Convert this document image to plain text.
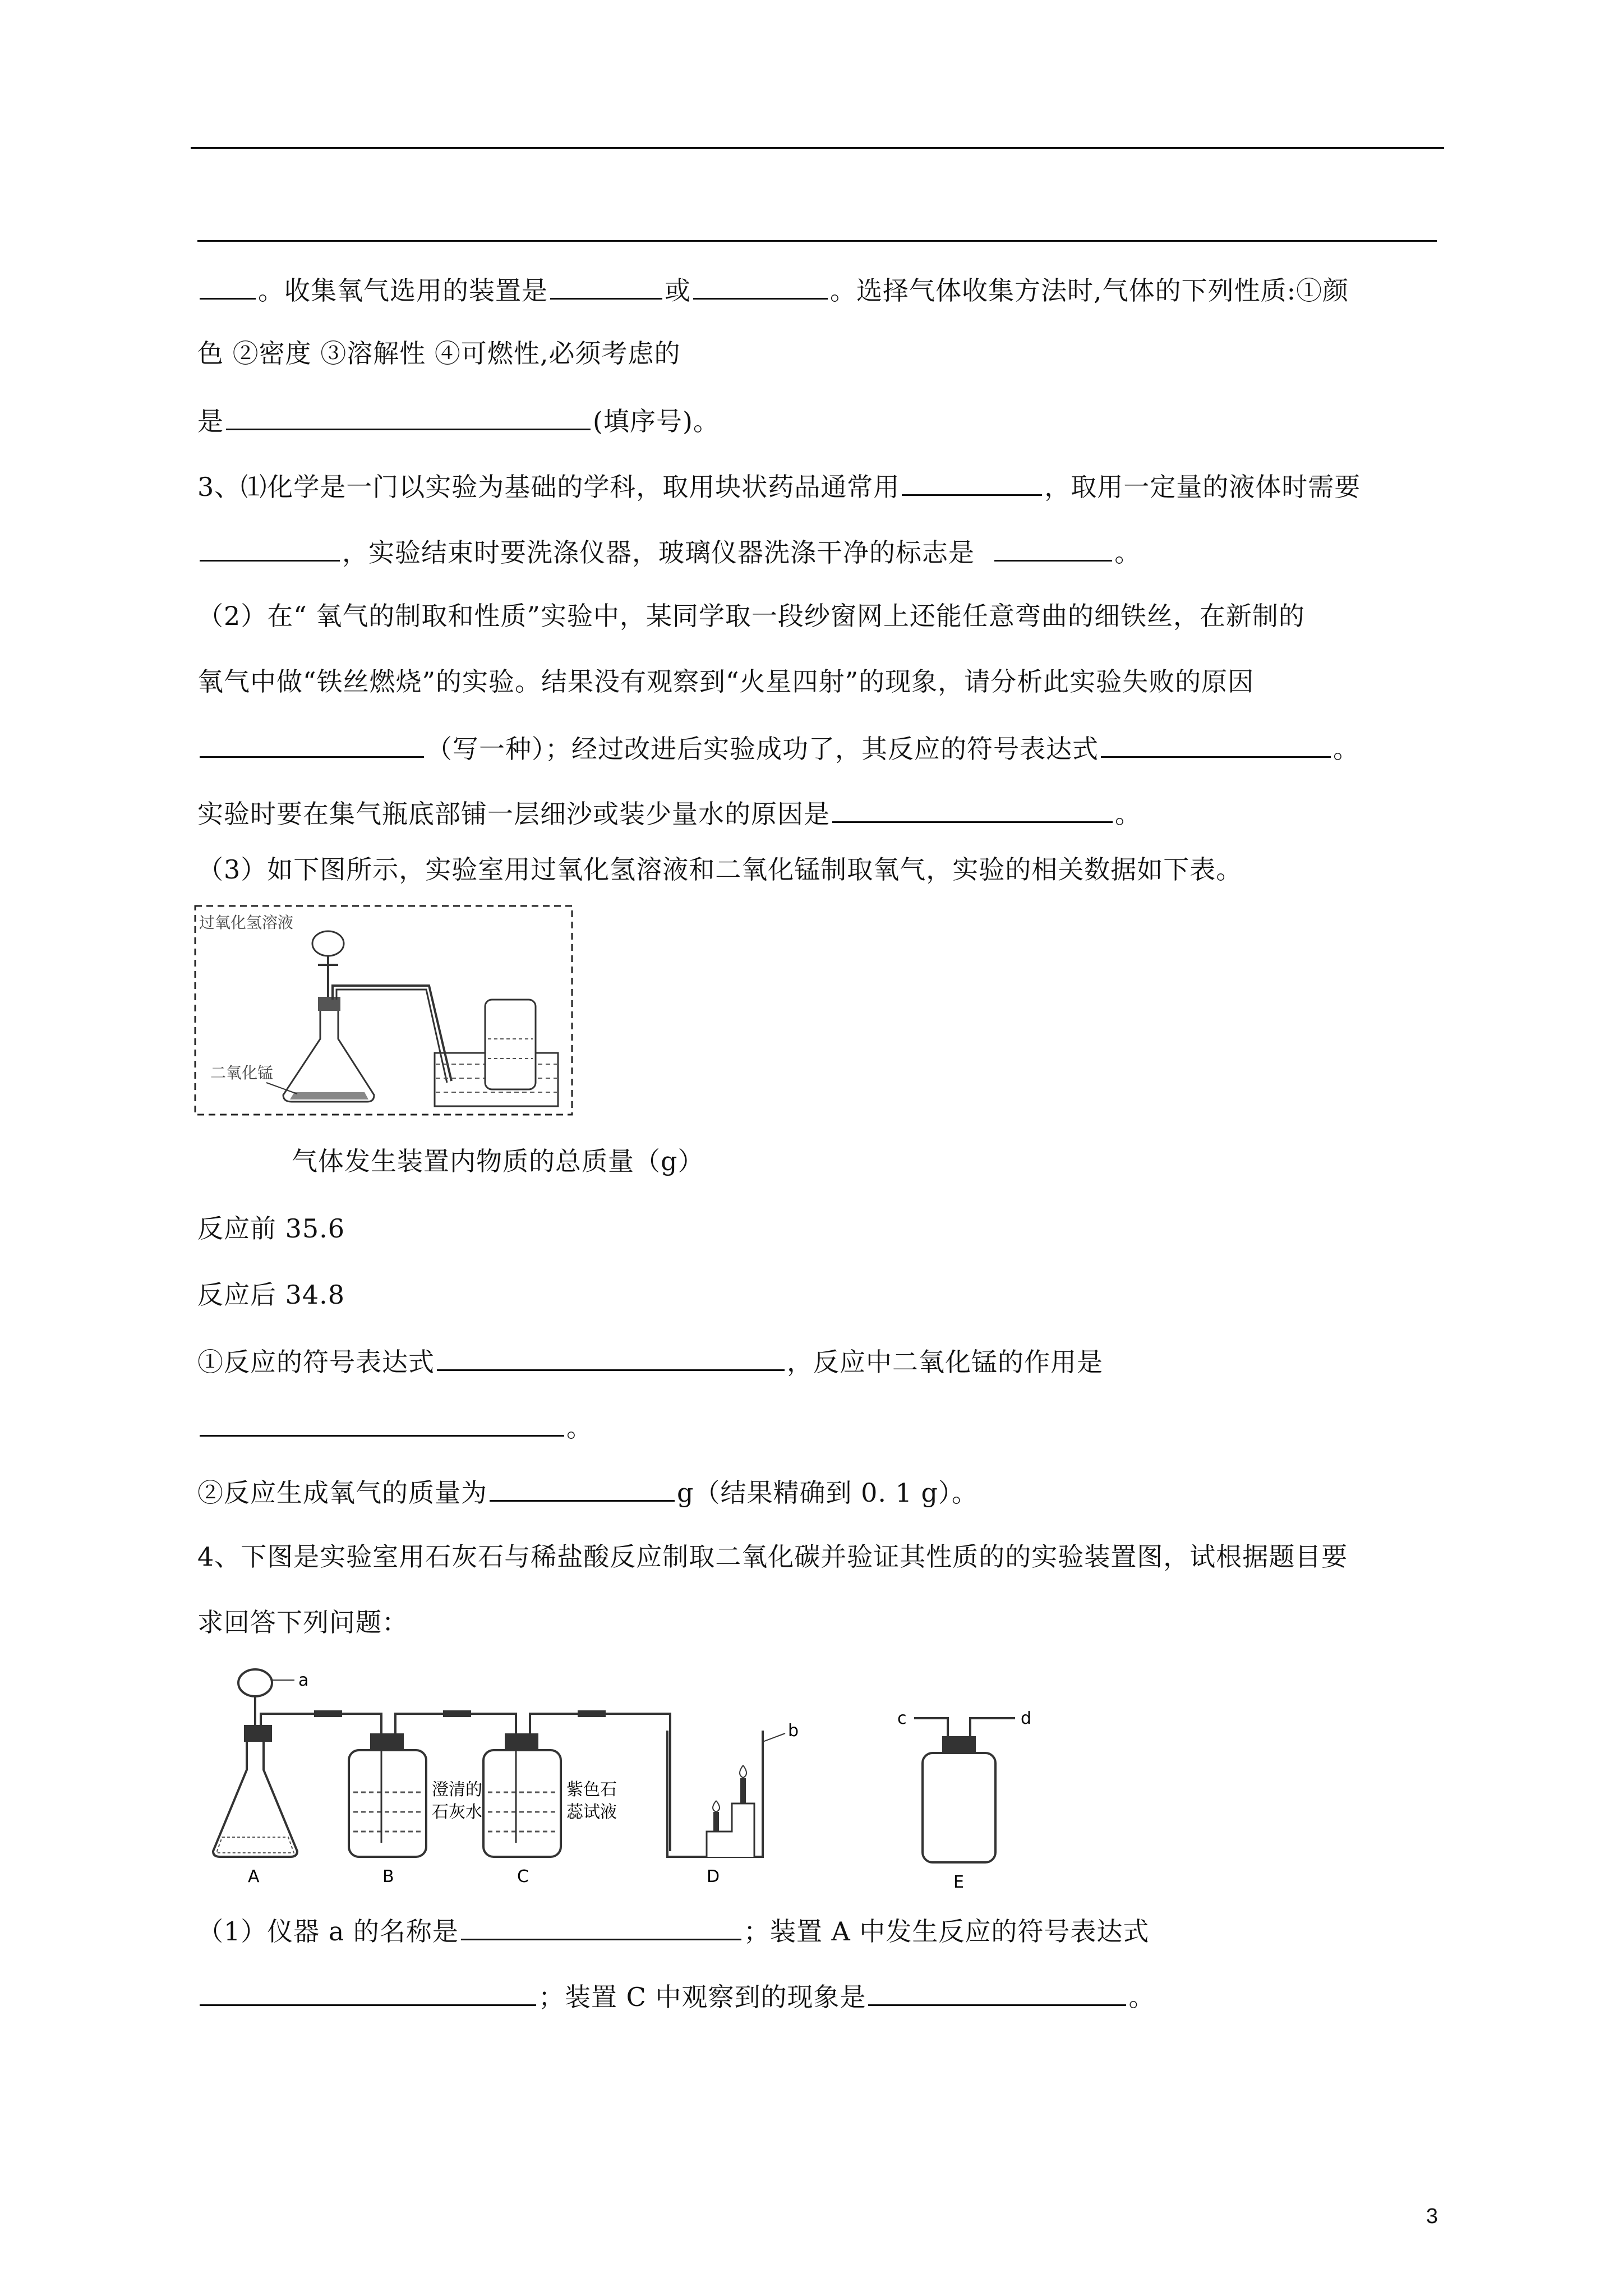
。收集氧气选用的装置是	或	。选择气体收集方法时,气体的下列性质:①颜
色 ②密度 ③溶解性 ④可燃性,必须考虑的
是	(填序号)。
3、⑴化学是一门以实验为基础的学科，取用块状药品通常用	，取用一定量的液体时需要
，实验结束时要洗涤仪器，玻璃仪器洗涤干净的标志是	。
（2）在“ 氧气的制取和性质”实验中，某同学取一段纱窗网上还能任意弯曲的细铁丝，在新制的
氧气中做“铁丝燃烧”的实验。结果没有观察到“火星四射”的现象，请分析此实验失败的原因
（写一种）；经过改进后实验成功了，其反应的符号表达式	。
实验时要在集气瓶底部铺一层细沙或装少量水的原因是	。
（3）如下图所示，实验室用过氧化氢溶液和二氧化锰制取氧气，实验的相关数据如下表。
过氧化氢溶液
二氧化锰
气体发生装置内物质的总质量（g）
反应前 35.6
反应后 34.8
①反应的符号表达式	，反应中二氧化锰的作用是
。
②反应生成氧气的质量为	g（结果精确到 0. 1 g）。
4、下图是实验室用石灰石与稀盐酸反应制取二氧化碳并验证其性质的的实验装置图，试根据题目要
求回答下列问题：
a
A
澄清的
石灰水
B
紫色石
蕊试液
C
b
D
c	d
E
（1）仪器 a 的名称是	；装置 A 中发生反应的符号表达式
；装置 C 中观察到的现象是	。
3
